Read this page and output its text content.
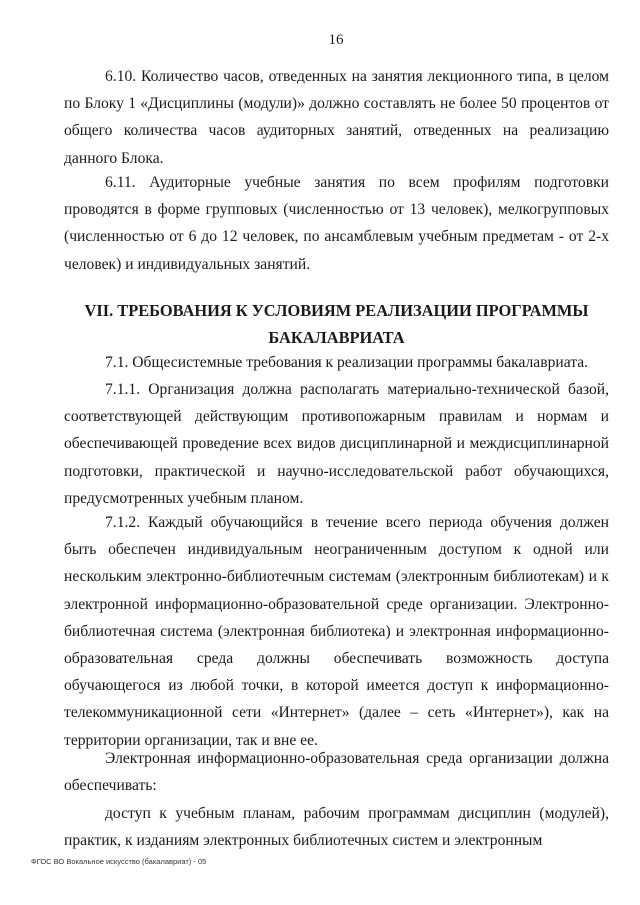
16

6.10. Количество часов, отведенных на занятия лекционного типа, в целом по Блоку 1 «Дисциплины (модули)» должно составлять не более 50 процентов от общего количества часов аудиторных занятий, отведенных на реализацию данного Блока.

6.11. Аудиторные учебные занятия по всем профилям подготовки проводятся в форме групповых (численностью от 13 человек), мелкогрупповых (численностью от 6 до 12 человек, по ансамблевым учебным предметам - от 2-х человек) и индивидуальных занятий.

VII. ТРЕБОВАНИЯ К УСЛОВИЯМ РЕАЛИЗАЦИИ ПРОГРАММЫ БАКАЛАВРИАТА

7.1. Общесистемные требования к реализации программы бакалавриата.

7.1.1. Организация должна располагать материально-технической базой, соответствующей действующим противопожарным правилам и нормам и обеспечивающей проведение всех видов дисциплинарной и междисциплинарной подготовки, практической и научно-исследовательской работ обучающихся, предусмотренных учебным планом.

7.1.2. Каждый обучающийся в течение всего периода обучения должен быть обеспечен индивидуальным неограниченным доступом к одной или нескольким электронно-библиотечным системам (электронным библиотекам) и к электронной информационно-образовательной среде организации. Электронно-библиотечная система (электронная библиотека) и электронная информационно-образовательная среда должны обеспечивать возможность доступа обучающегося из любой точки, в которой имеется доступ к информационно-телекоммуникационной сети «Интернет» (далее – сеть «Интернет»), как на территории организации, так и вне ее.

Электронная информационно-образовательная среда организации должна обеспечивать:

доступ к учебным планам, рабочим программам дисциплин (модулей), практик, к изданиям электронных библиотечных систем и электронным

ФГОС ВО Вокальное искусство (бакалавриат) - 05
